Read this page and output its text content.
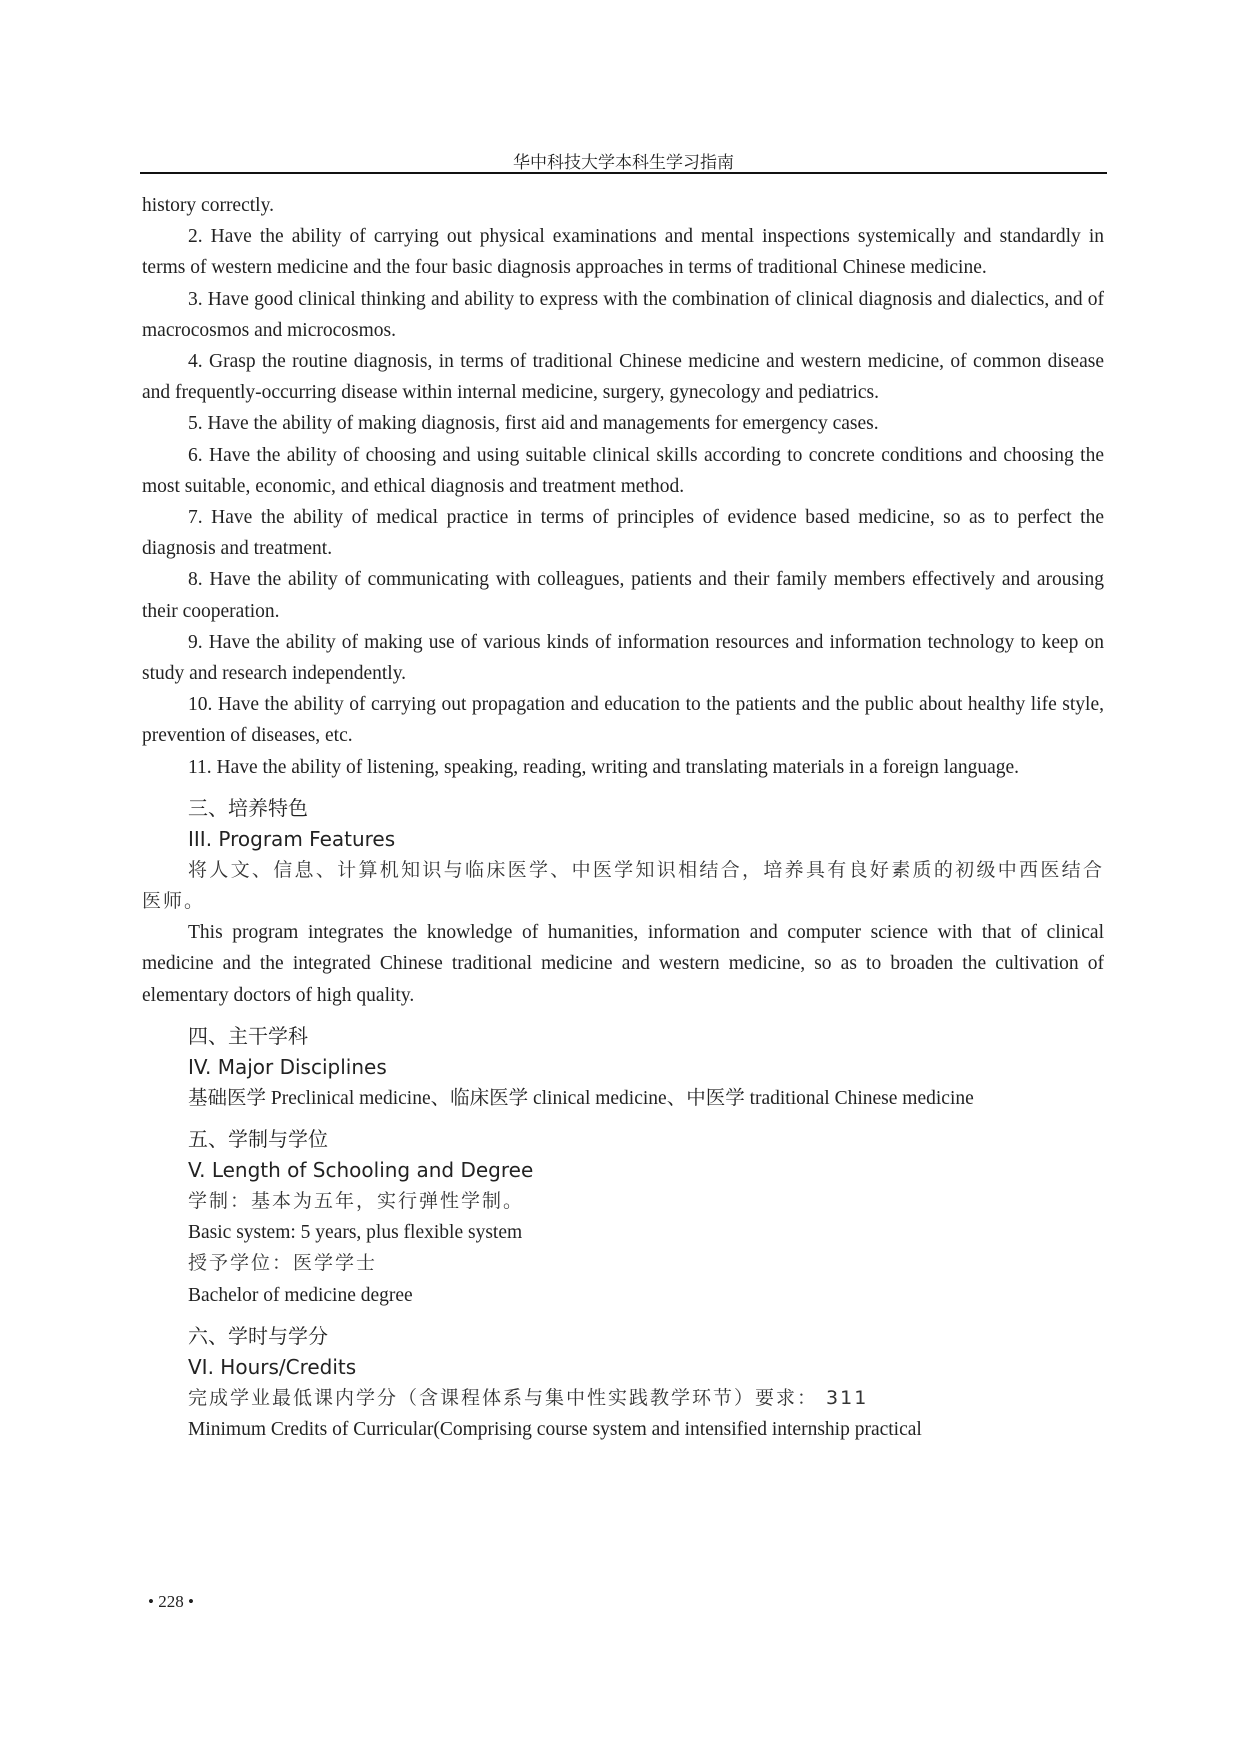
华中科技大学本科生学习指南

history correctly.

2. Have the ability of carrying out physical examinations and mental inspections systemically and standardly in terms of western medicine and the four basic diagnosis approaches in terms of traditional Chinese medicine.

3. Have good clinical thinking and ability to express with the combination of clinical diagnosis and dialectics, and of macrocosmos and microcosmos.

4. Grasp the routine diagnosis, in terms of traditional Chinese medicine and western medicine, of common disease and frequently-occurring disease within internal medicine, surgery, gynecology and pediatrics.

5. Have the ability of making diagnosis, first aid and managements for emergency cases.

6. Have the ability of choosing and using suitable clinical skills according to concrete conditions and choosing the most suitable, economic, and ethical diagnosis and treatment method.

7. Have the ability of medical practice in terms of principles of evidence based medicine, so as to perfect the diagnosis and treatment.

8. Have the ability of communicating with colleagues, patients and their family members effectively and arousing their cooperation.

9. Have the ability of making use of various kinds of information resources and information technology to keep on study and research independently.

10. Have the ability of carrying out propagation and education to the patients and the public about healthy life style, prevention of diseases, etc.

11. Have the ability of listening, speaking, reading, writing and translating materials in a foreign language.

三、培养特色
III. Program Features

将人文、信息、计算机知识与临床医学、中医学知识相结合，培养具有良好素质的初级中西医结合医师。

This program integrates the knowledge of humanities, information and computer science with that of clinical medicine and the integrated Chinese traditional medicine and western medicine, so as to broaden the cultivation of elementary doctors of high quality.

四、主干学科
IV. Major Disciplines

基础医学 Preclinical medicine、临床医学 clinical medicine、中医学 traditional Chinese medicine

五、学制与学位
V. Length of Schooling and Degree

学制：基本为五年，实行弹性学制。

Basic system: 5 years, plus flexible system

授予学位：医学学士

Bachelor of medicine degree

六、学时与学分
VI. Hours/Credits

完成学业最低课内学分（含课程体系与集中性实践教学环节）要求： 311

Minimum Credits of Curricular(Comprising course system and intensified internship practical

• 228 •
